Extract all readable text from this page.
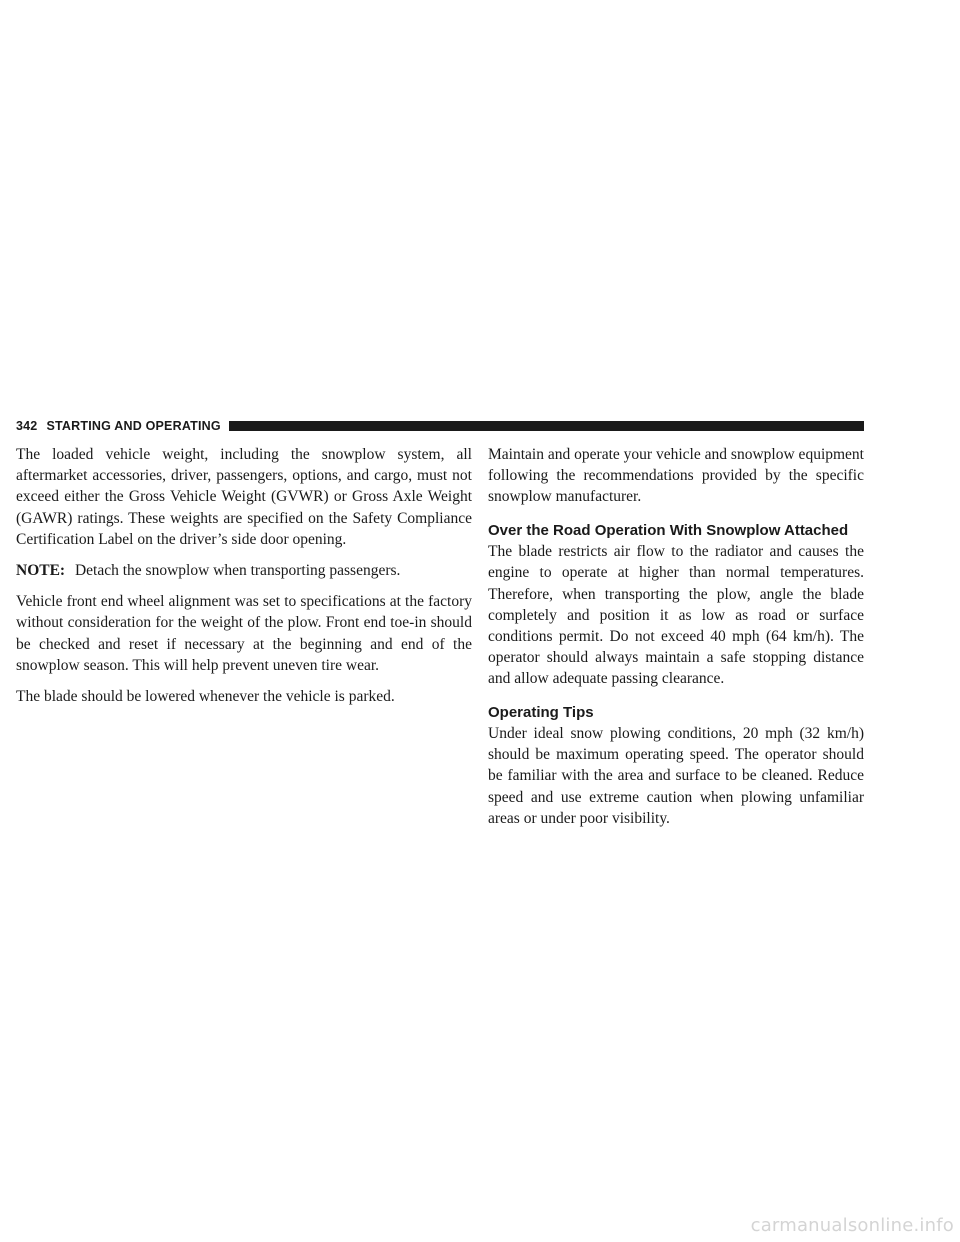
342 STARTING AND OPERATING

The loaded vehicle weight, including the snowplow system, all aftermarket accessories, driver, passengers, options, and cargo, must not exceed either the Gross Vehicle Weight (GVWR) or Gross Axle Weight (GAWR) ratings. These weights are specified on the Safety Compliance Certification Label on the driver’s side door opening.

NOTE: Detach the snowplow when transporting passengers.

Vehicle front end wheel alignment was set to specifications at the factory without consideration for the weight of the plow. Front end toe-in should be checked and reset if necessary at the beginning and end of the snowplow season. This will help prevent uneven tire wear.

The blade should be lowered whenever the vehicle is parked.

Maintain and operate your vehicle and snowplow equipment following the recommendations provided by the specific snowplow manufacturer.

Over the Road Operation With Snowplow Attached

The blade restricts air flow to the radiator and causes the engine to operate at higher than normal temperatures. Therefore, when transporting the plow, angle the blade completely and position it as low as road or surface conditions permit. Do not exceed 40 mph (64 km/h). The operator should always maintain a safe stopping distance and allow adequate passing clearance.

Operating Tips

Under ideal snow plowing conditions, 20 mph (32 km/h) should be maximum operating speed. The operator should be familiar with the area and surface to be cleaned. Reduce speed and use extreme caution when plowing unfamiliar areas or under poor visibility.

carmanualsonline.info
